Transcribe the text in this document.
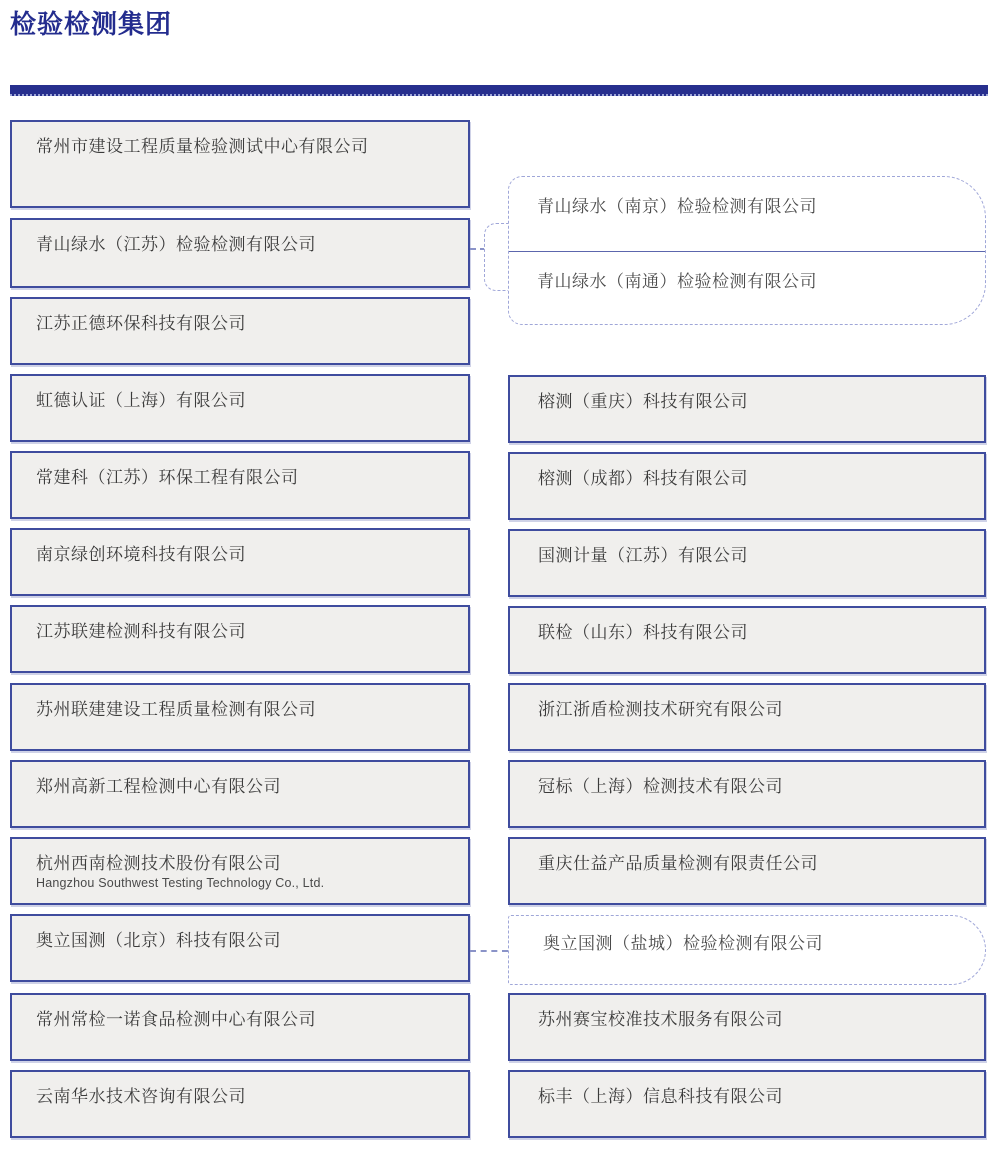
检验检测集团
常州市建设工程质量检验测试中心有限公司
青山绿水（江苏）检验检测有限公司
江苏正德环保科技有限公司
虹德认证（上海）有限公司
常建科（江苏）环保工程有限公司
南京绿创环境科技有限公司
江苏联建检测科技有限公司
苏州联建建设工程质量检测有限公司
郑州高新工程检测中心有限公司
杭州西南检测技术股份有限公司
Hangzhou Southwest Testing Technology Co., Ltd.
奥立国测（北京）科技有限公司
常州常检一诺食品检测中心有限公司
云南华水技术咨询有限公司
青山绿水（南京）检验检测有限公司
青山绿水（南通）检验检测有限公司
榕测（重庆）科技有限公司
榕测（成都）科技有限公司
国测计量（江苏）有限公司
联检（山东）科技有限公司
浙江浙盾检测技术研究有限公司
冠标（上海）检测技术有限公司
重庆仕益产品质量检测有限责任公司
奥立国测（盐城）检验检测有限公司
苏州赛宝校准技术服务有限公司
标丰（上海）信息科技有限公司
